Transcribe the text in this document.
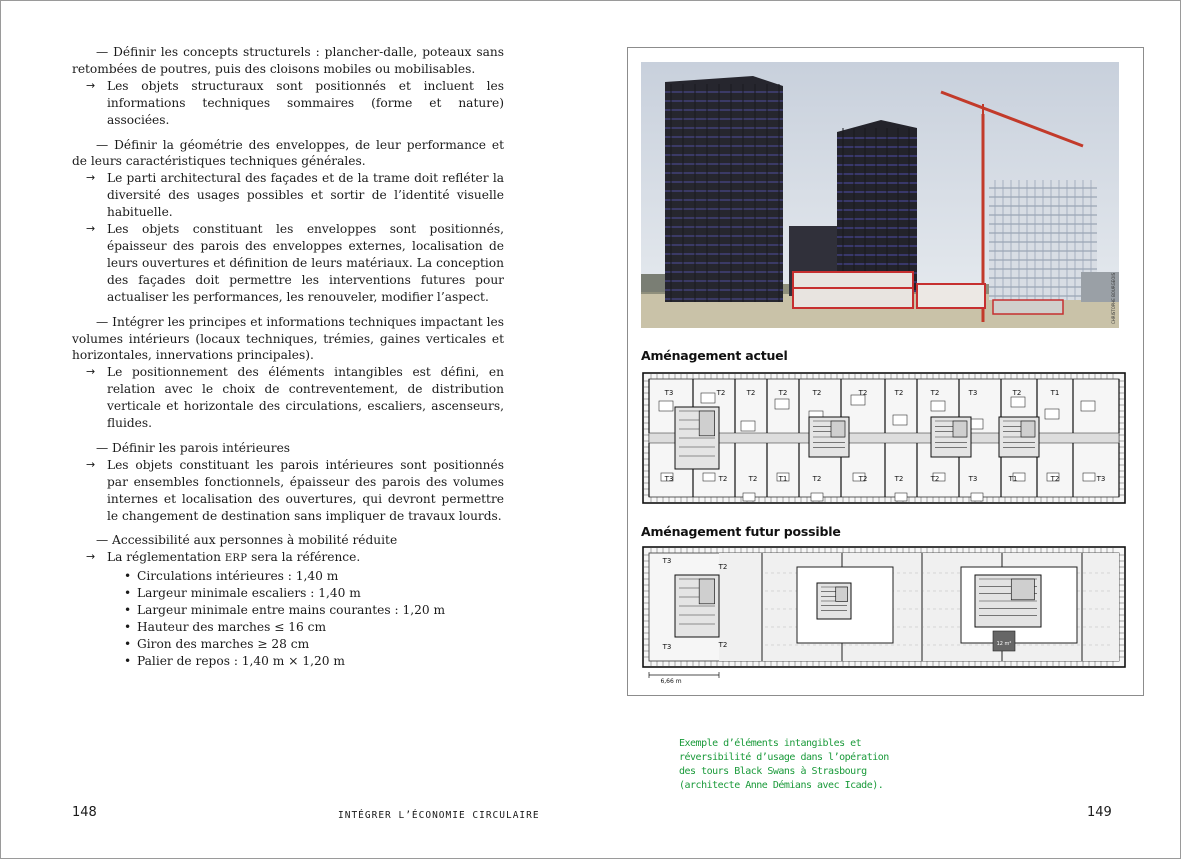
— Définir les concepts structurels : plancher-dalle, poteaux sans retombées de poutres, puis des cloisons mobiles ou mobilisables.

→ Les objets structuraux sont positionnés et incluent les informations techniques sommaires (forme et nature) associées.

— Définir la géométrie des enveloppes, de leur performance et de leurs caractéristiques techniques générales.

→ Le parti architectural des façades et de la trame doit refléter la diversité des usages possibles et sortir de l’identité visuelle habituelle.
→ Les objets constituant les enveloppes sont positionnés, épaisseur des parois des enveloppes externes, localisation de leurs ouvertures et définition de leurs matériaux. La conception des façades doit permettre les interventions futures pour actualiser les performances, les renouveler, modifier l’aspect.

— Intégrer les principes et informations techniques impactant les volumes intérieurs (locaux techniques, trémies, gaines verticales et horizontales, innervations principales).

→ Le positionnement des éléments intangibles est défini, en relation avec le choix de contreventement, de distribution verticale et horizontale des circulations, escaliers, ascenseurs, fluides.

— Définir les parois intérieures

→ Les objets constituant les parois intérieures sont positionnés par ensembles fonctionnels, épaisseur des parois des volumes internes et localisation des ouvertures, qui devront permettre le changement de destination sans impliquer de travaux lourds.

— Accessibilité aux personnes à mobilité réduite

→ La réglementation ERP sera la référence.
• Circulations intérieures : 1,40 m
• Largeur minimale escaliers : 1,40 m
• Largeur minimale entre mains courantes : 1,20 m
• Hauteur des marches ≤ 16 cm
• Giron des marches ≥ 28 cm
• Palier de repos : 1,40 m × 1,20 m
CHRISTOPHE BOURGEOIS
Aménagement actuel
T3	T2	T2	T2	T2	T2	T2	T2	T3	T2	T1
T3	T2	T2	T1	T2	T2	T2	T2	T3	T1	T2	T3
Aménagement futur possible
12 m²
T3
T2
T2
T3
6,66 m
Exemple d’éléments intangibles et réversibilité d’usage dans l’opération des tours Black Swans à Strasbourg (architecte Anne Démians avec Icade).
148	INTÉGRER L’ÉCONOMIE CIRCULAIRE	149
